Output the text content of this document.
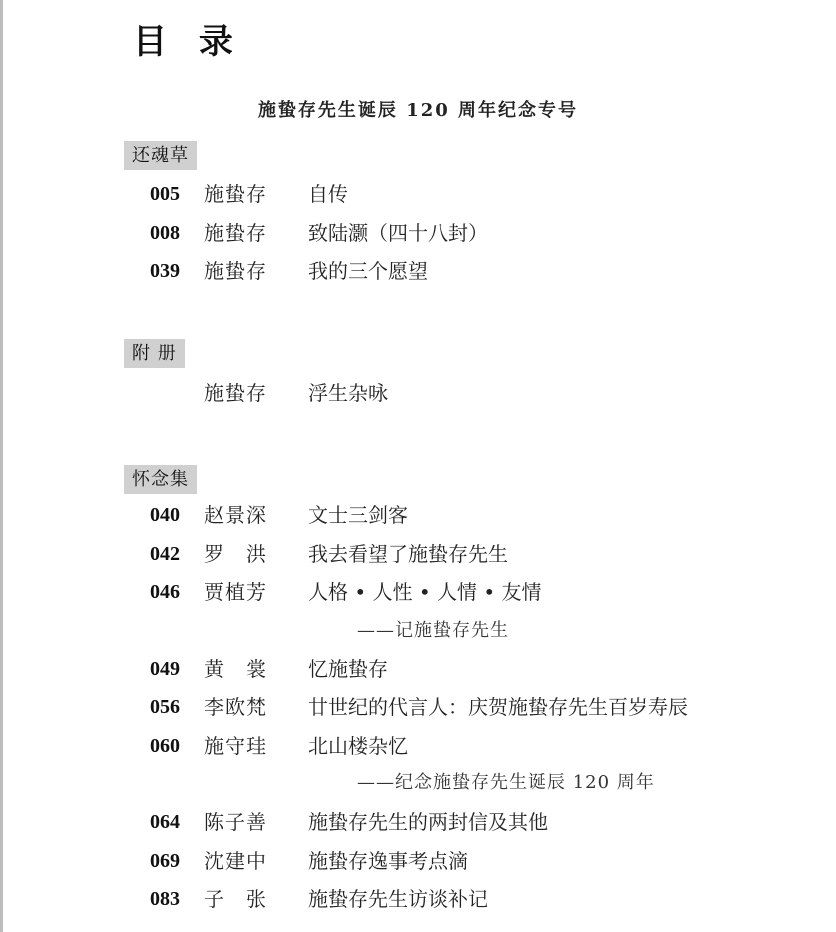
目 录
施蛰存先生诞辰 120 周年纪念专号
还魂草
005 施蛰存 自传
008 施蛰存 致陆灏（四十八封）
039 施蛰存 我的三个愿望
附 册
施蛰存 浮生杂咏
怀念集
040 赵景深 文士三剑客
042 罗　洪 我去看望了施蛰存先生
046 贾植芳 人格 • 人性 • 人情 • 友情
——记施蛰存先生
049 黄　裳 忆施蛰存
056 李欧梵 廿世纪的代言人：庆贺施蛰存先生百岁寿辰
060 施守珪 北山楼杂忆
——纪念施蛰存先生诞辰 120 周年
064 陈子善 施蛰存先生的两封信及其他
069 沈建中 施蛰存逸事考点滴
083 子　张 施蛰存先生访谈补记
